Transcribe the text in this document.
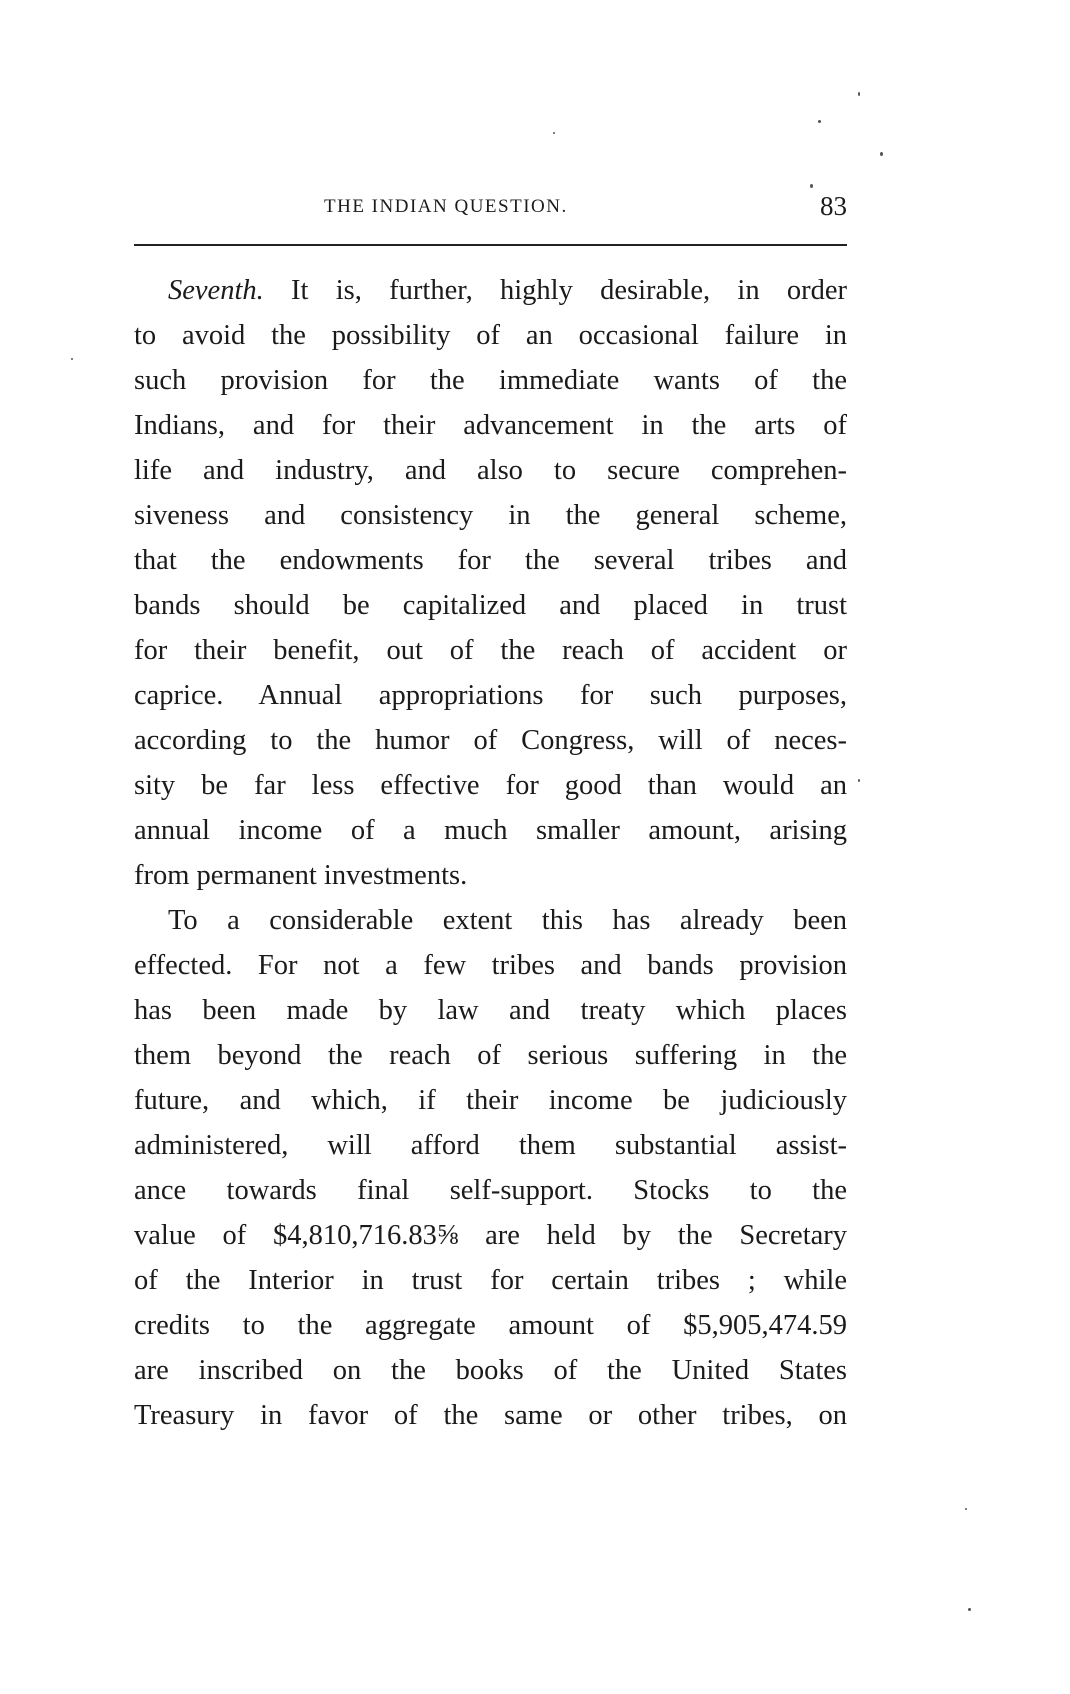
THE INDIAN QUESTION.	83
Seventh. It is, further, highly desirable, in order
to avoid the possibility of an occasional failure in
such provision for the immediate wants of the
Indians, and for their advancement in the arts of
life and industry, and also to secure comprehen-
siveness and consistency in the general scheme,
that the endowments for the several tribes and
bands should be capitalized and placed in trust
for their benefit, out of the reach of accident or
caprice. Annual appropriations for such purposes,
according to the humor of Congress, will of neces-
sity be far less effective for good than would an
annual income of a much smaller amount, arising
from permanent investments.
To a considerable extent this has already been
effected. For not a few tribes and bands provision
has been made by law and treaty which places
them beyond the reach of serious suffering in the
future, and which, if their income be judiciously
administered, will afford them substantial assist-
ance towards final self-support. Stocks to the
value of $4,810,716.83⅝ are held by the Secretary
of the Interior in trust for certain tribes ; while
credits to the aggregate amount of $5,905,474.59
are inscribed on the books of the United States
Treasury in favor of the same or other tribes, on
